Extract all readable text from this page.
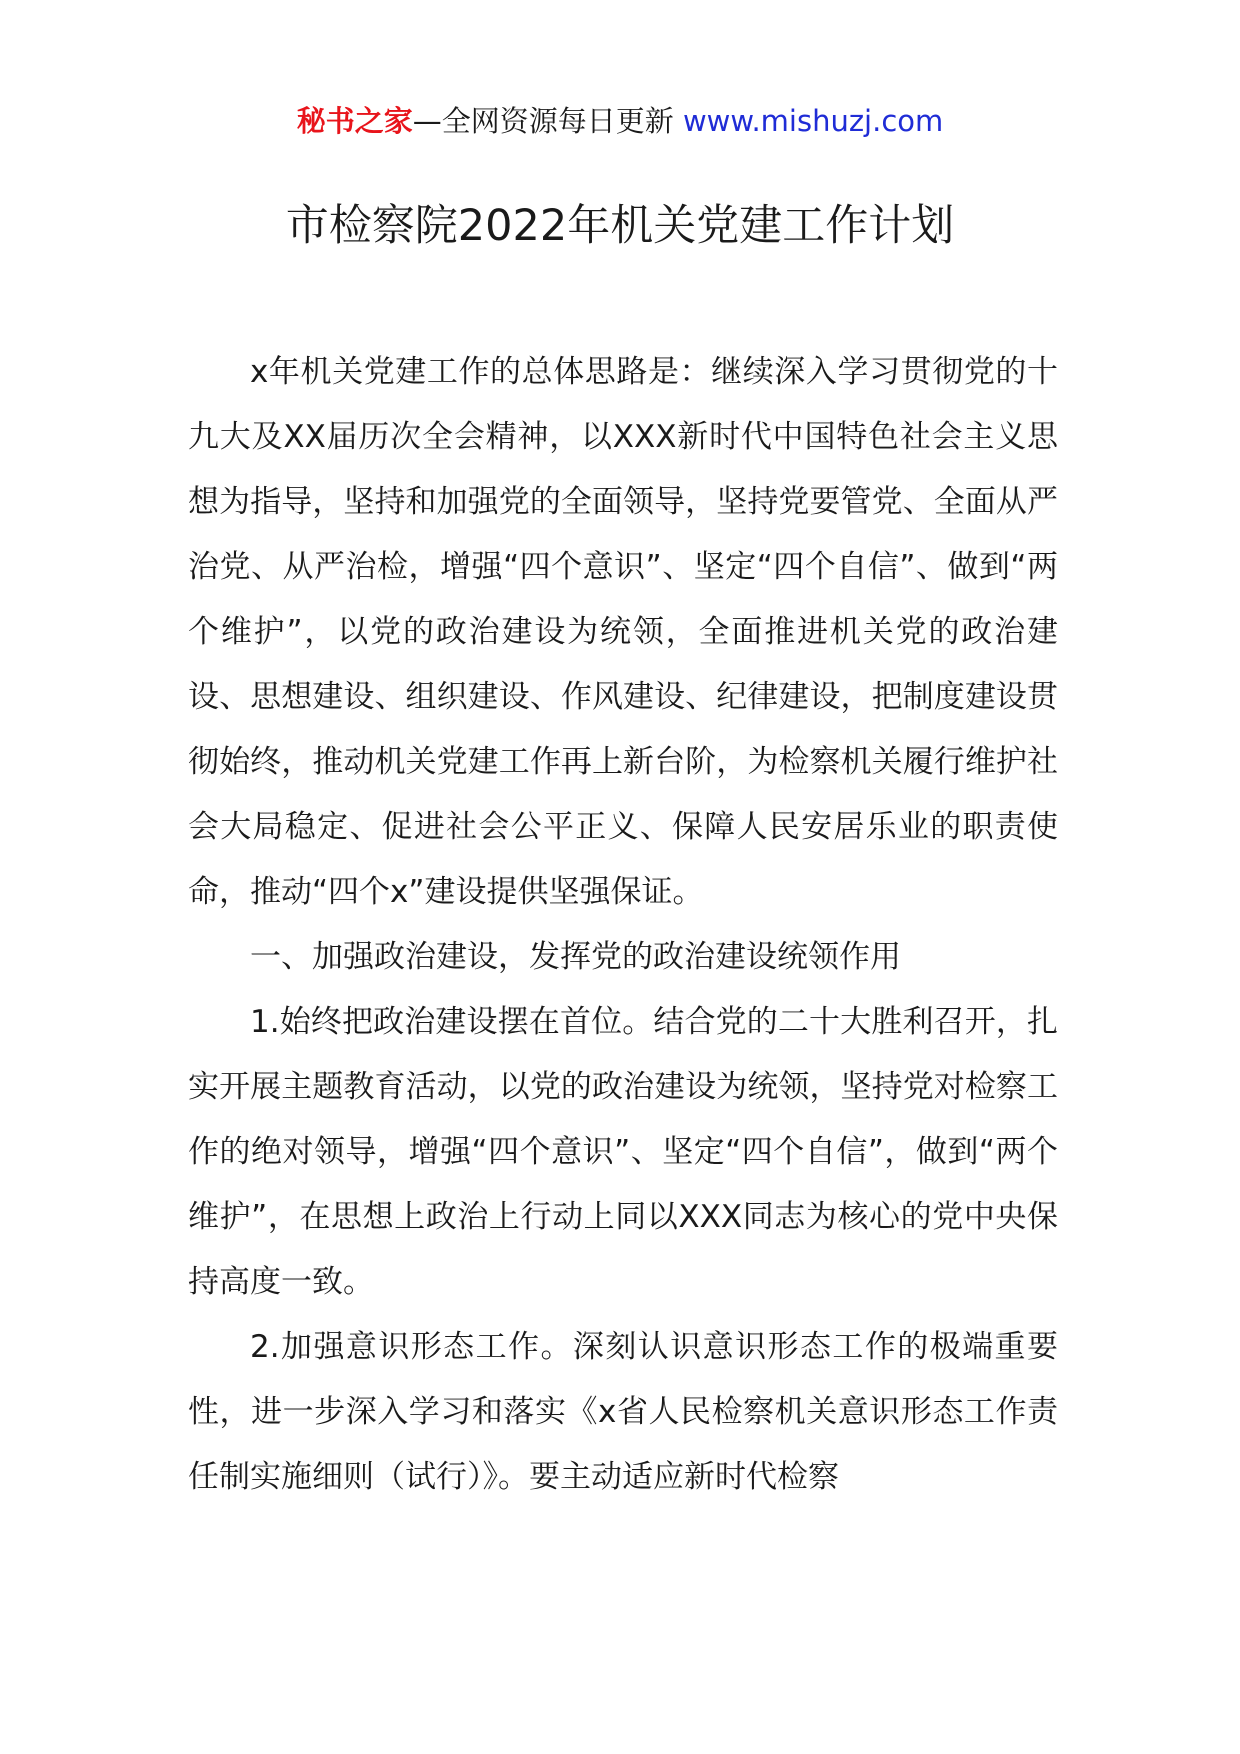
秘书之家—全网资源每日更新 www.mishuzj.com
市检察院2022年机关党建工作计划

x年机关党建工作的总体思路是：继续深入学习贯彻党的十九大及XX届历次全会精神，以XXX新时代中国特色社会主义思想为指导，坚持和加强党的全面领导，坚持党要管党、全面从严治党、从严治检，增强“四个意识”、坚定“四个自信”、做到“两个维护”，以党的政治建设为统领，全面推进机关党的政治建设、思想建设、组织建设、作风建设、纪律建设，把制度建设贯彻始终，推动机关党建工作再上新台阶，为检察机关履行维护社会大局稳定、促进社会公平正义、保障人民安居乐业的职责使命，推动“四个x”建设提供坚强保证。

一、加强政治建设，发挥党的政治建设统领作用

1.始终把政治建设摆在首位。结合党的二十大胜利召开，扎实开展主题教育活动，以党的政治建设为统领，坚持党对检察工作的绝对领导，增强“四个意识”、坚定“四个自信”，做到“两个维护”，在思想上政治上行动上同以XXX同志为核心的党中央保持高度一致。

2.加强意识形态工作。深刻认识意识形态工作的极端重要性，进一步深入学习和落实《x省人民检察机关意识形态工作责任制实施细则（试行）》。要主动适应新时代检察
